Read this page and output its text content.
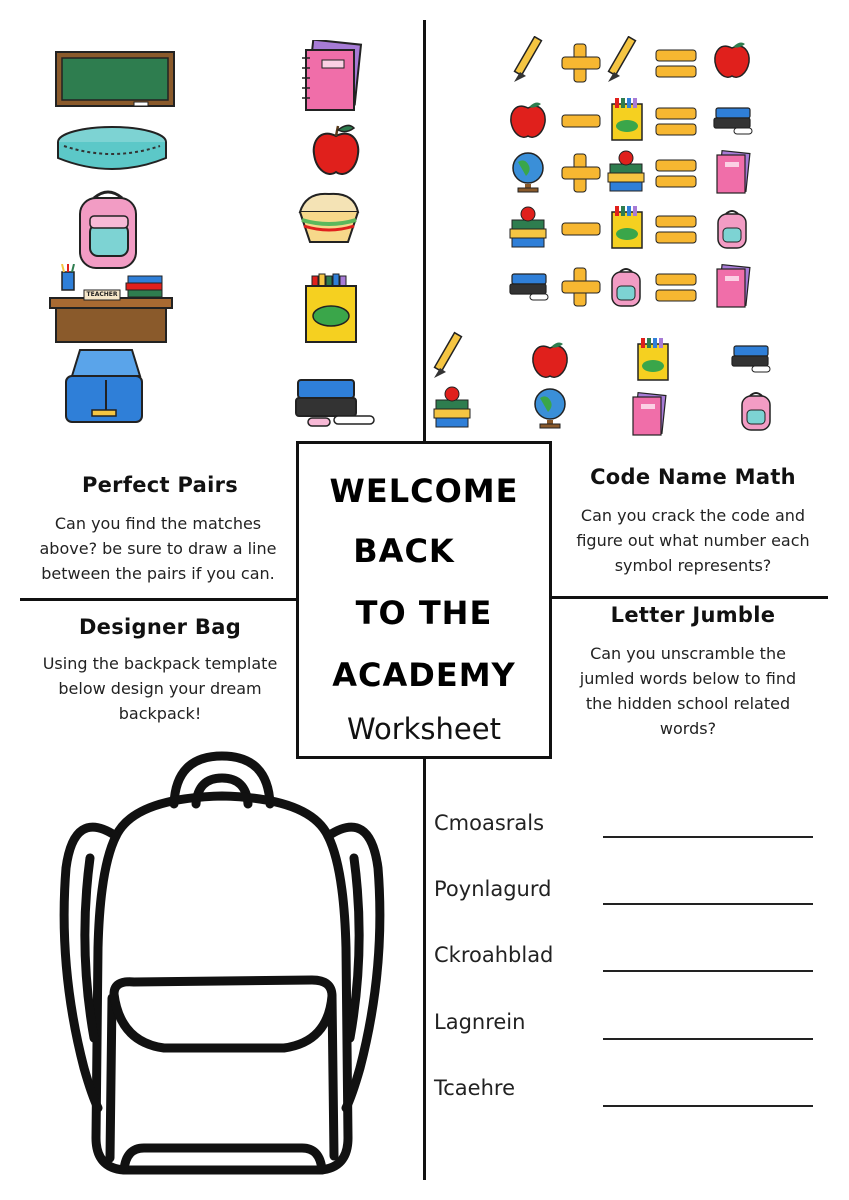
TEACHER
Perfect Pairs
Can you find the matches above? be sure to draw a line between the pairs if you can.
Code Name Math
Can you crack the code and figure out what number each symbol represents?
Designer Bag
Using the backpack template below design your dream backpack!
Letter Jumble
Can you unscramble the jumled words below to find the hidden school related words?
WELCOME
BACK
TO THE
ACADEMY
Worksheet
Cmoasrals
Poynlagurd
Ckroahblad
Lagnrein
Tcaehre
